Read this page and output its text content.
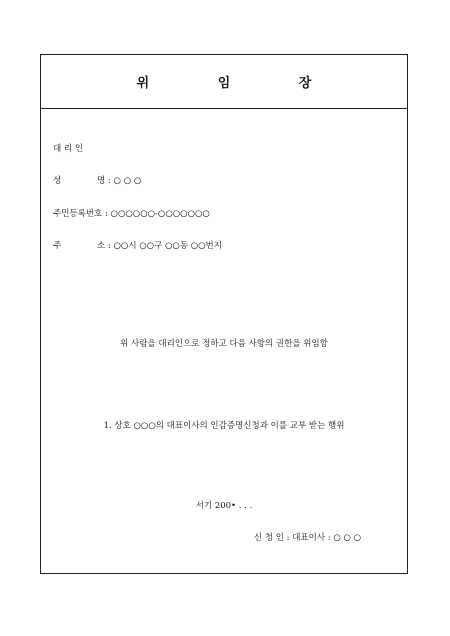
위 임 장
대 리 인
성	명 : ○ ○ ○
주민등록번호 : ○○○○○○-○○○○○○○
주	소 : ○○시 ○○구 ○○동 ○○번지
위 사람을 대리인으로 정하고 다음 사항의 권한을 위임함
1. 상호 ○○○의 대표이사의 인감증명신청과 이를 교부 받는 행위
서기 200• . . .
신 청 인 : 대표이사 : ○ ○ ○
